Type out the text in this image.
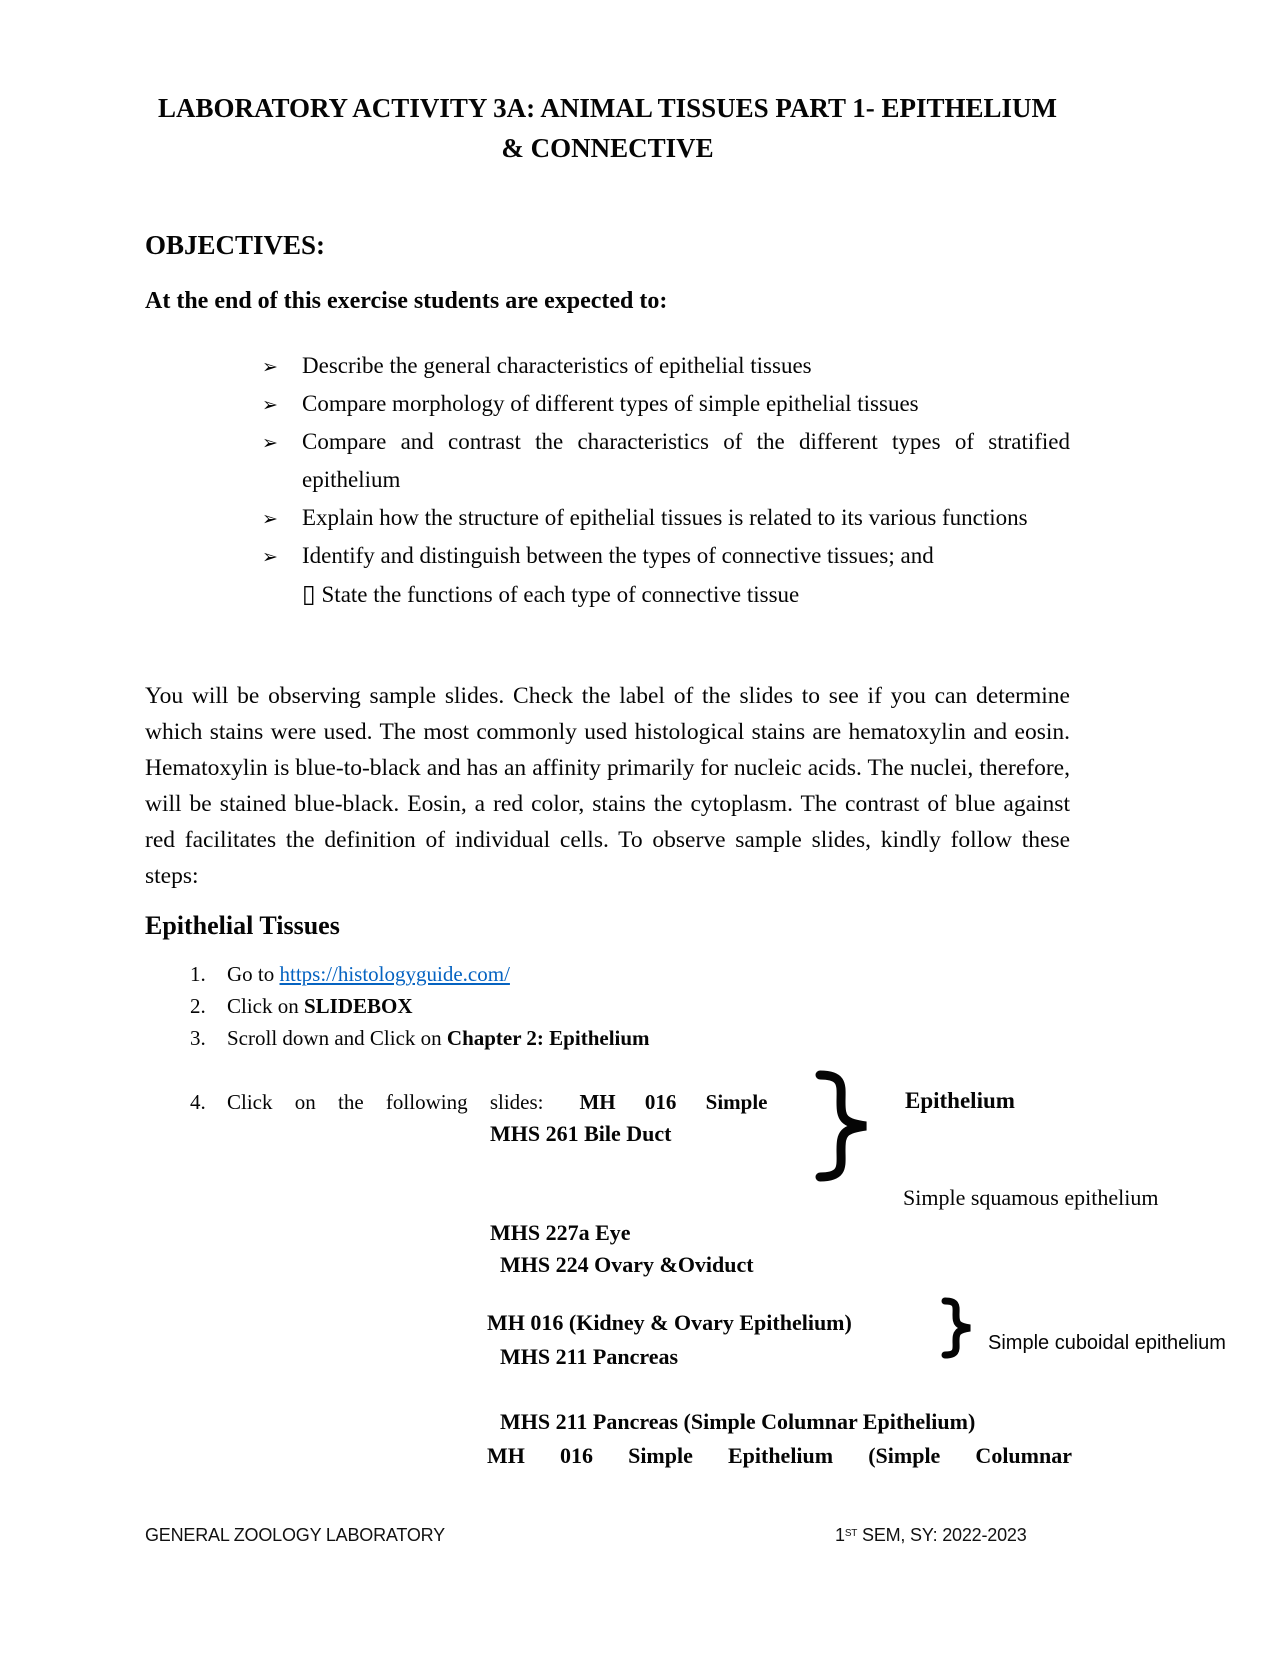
LABORATORY ACTIVITY 3A: ANIMAL TISSUES PART 1- EPITHELIUM
& CONNECTIVE
OBJECTIVES:

At the end of this exercise students are expected to:

➢ Describe the general characteristics of epithelial tissues
➢ Compare morphology of different types of simple epithelial tissues
➢ Compare and contrast the characteristics of the different types of stratified epithelium
➢ Explain how the structure of epithelial tissues is related to its various functions
➢ Identify and distinguish between the types of connective tissues; and
▯ State the functions of each type of connective tissue

You will be observing sample slides. Check the label of the slides to see if you can determine which stains were used. The most commonly used histological stains are hematoxylin and eosin. Hematoxylin is blue-to-black and has an affinity primarily for nucleic acids. The nuclei, therefore, will be stained blue-black. Eosin, a red color, stains the cytoplasm. The contrast of blue against red facilitates the definition of individual cells. To observe sample slides, kindly follow these steps:

Epithelial Tissues
1. Go to https://histologyguide.com/
2. Click on SLIDEBOX
3. Scroll down and Click on Chapter 2: Epithelium
4. Click on the following slides: MH 016 Simple
MHS 261 Bile Duct
Epithelium
Simple squamous epithelium
MHS 227a Eye
MHS 224 Ovary &Oviduct
MH 016 (Kidney & Ovary Epithelium)
Simple cuboidal epithelium
MHS 211 Pancreas
MHS 211 Pancreas (Simple Columnar Epithelium)
MH 016 Simple Epithelium (Simple Columnar
GENERAL ZOOLOGY LABORATORY	1ST SEM, SY: 2022-2023
